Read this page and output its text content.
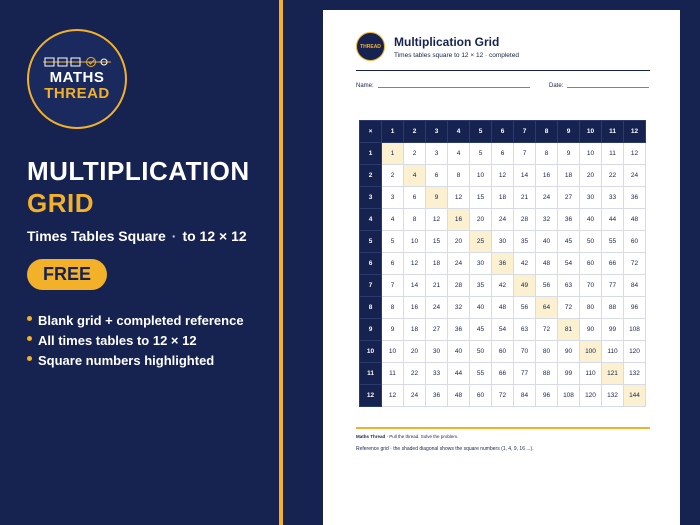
MATHS
THREAD
MULTIPLICATION
GRID
Times Tables Square · to 12 × 12
FREE
Blank grid + completed reference
All times tables to 12 × 12
Square numbers highlighted
THREAD Multiplication Grid
Times tables square to 12 × 12 · completed
Name:	Date:
×	1	2	3	4	5	6	7	8	9	10	11	12
1	1	2	3	4	5	6	7	8	9	10	11	12
2	2	4	6	8	10	12	14	16	18	20	22	24
3	3	6	9	12	15	18	21	24	27	30	33	36
4	4	8	12	16	20	24	28	32	36	40	44	48
5	5	10	15	20	25	30	35	40	45	50	55	60
6	6	12	18	24	30	36	42	48	54	60	66	72
7	7	14	21	28	35	42	49	56	63	70	77	84
8	8	16	24	32	40	48	56	64	72	80	88	96
9	9	18	27	36	45	54	63	72	81	90	99	108
10	10	20	30	40	50	60	70	80	90	100	110	120
11	11	22	33	44	55	66	77	88	99	110	121	132
12	12	24	36	48	60	72	84	96	108	120	132	144
Maths Thread · Pull the thread. Solve the problem.
Reference grid · the shaded diagonal shows the square numbers (1, 4, 9, 16 ...).
